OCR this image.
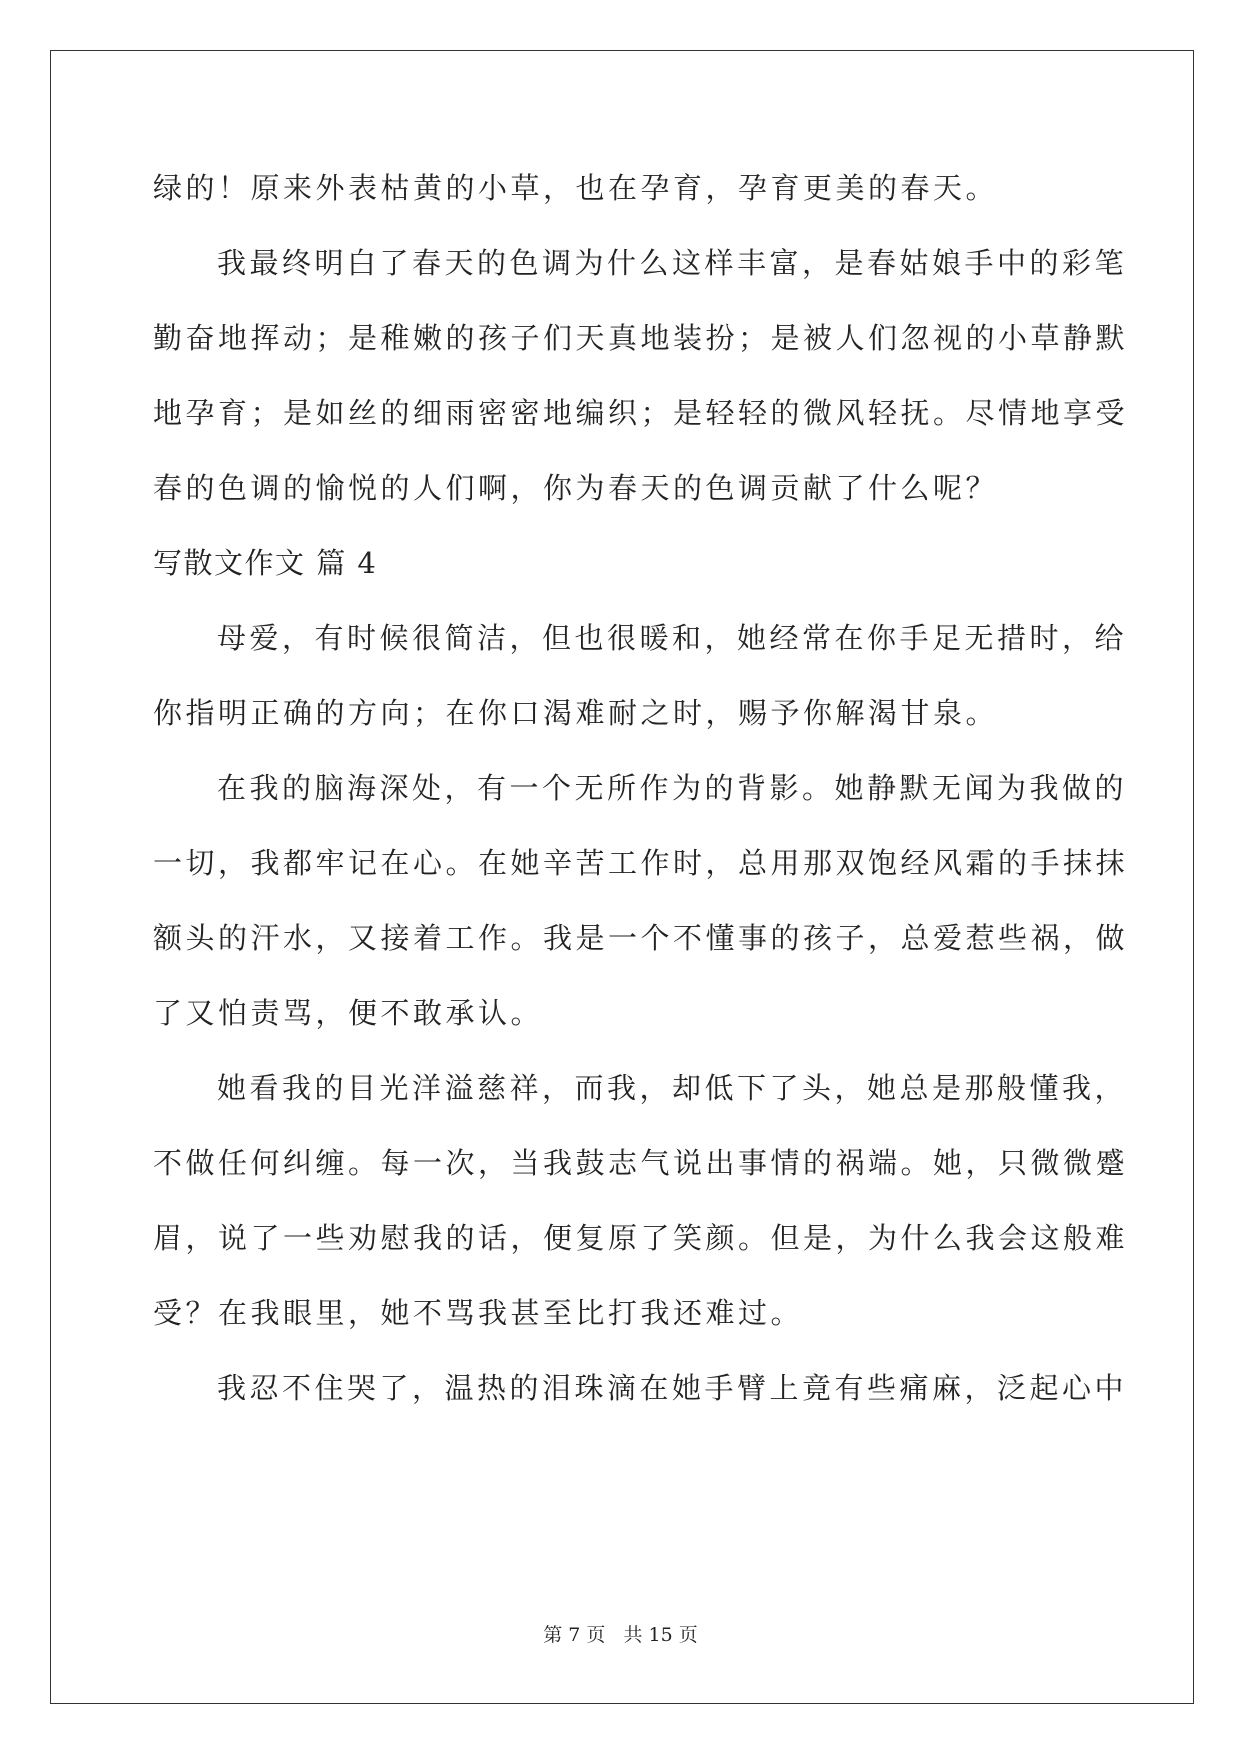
绿的！原来外表枯黄的小草，也在孕育，孕育更美的春天。
我最终明白了春天的色调为什么这样丰富，是春姑娘手中的彩笔
勤奋地挥动；是稚嫩的孩子们天真地装扮；是被人们忽视的小草静默
地孕育；是如丝的细雨密密地编织；是轻轻的微风轻抚。尽情地享受
春的色调的愉悦的人们啊，你为春天的色调贡献了什么呢？
写散文作文 篇 4
母爱，有时候很简洁，但也很暖和，她经常在你手足无措时，给
你指明正确的方向；在你口渴难耐之时，赐予你解渴甘泉。
在我的脑海深处，有一个无所作为的背影。她静默无闻为我做的
一切，我都牢记在心。在她辛苦工作时，总用那双饱经风霜的手抹抹
额头的汗水，又接着工作。我是一个不懂事的孩子，总爱惹些祸，做
了又怕责骂，便不敢承认。
她看我的目光洋溢慈祥，而我，却低下了头，她总是那般懂我，
不做任何纠缠。每一次，当我鼓志气说出事情的祸端。她，只微微蹙
眉，说了一些劝慰我的话，便复原了笑颜。但是，为什么我会这般难
受？在我眼里，她不骂我甚至比打我还难过。
我忍不住哭了，温热的泪珠滴在她手臂上竟有些痛麻，泛起心中
第 7 页 共 15 页
